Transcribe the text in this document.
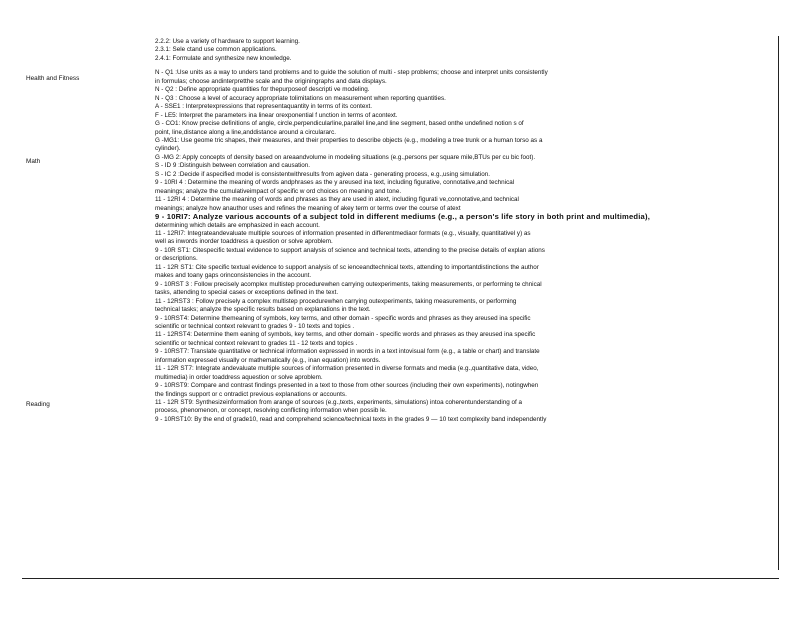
Health and Fitness
Math
Reading
2.2.2: Use a variety of hardware to support learning.
2.3.1: Sele ctand use common applications.
2.4.1: Formulate and synthesize new knowledge.
N - Q1 :Use units as a way to unders tand problems and to guide the solution of multi - step problems; choose and interpret units consistently
in formulas; choose andinterpretthe scale and the originingraphs and data displays.
N - Q2 : Define appropriate quantities for thepurposeof descripti ve modeling.
N - Q3 : Choose a level of accuracy appropriate tolimitations on measurement when reporting quantities.
A - SSE1 : Interpretexpressions that representaquantity in terms of its context.
F - LE5: Interpret the parameters ina linear orexponential f unction in terms of acontext.
G - CO1: Know precise definitions of angle, circle,perpendicularline,parallel line,and line segment, based onthe undefined notion s of
point, line,distance along a line,anddistance around a circulararc.
G -MG1: Use geome tric shapes, their measures, and their properties to describe objects (e.g., modeling a tree trunk or a human torso as a
cylinder).
G -MG 2: Apply concepts of density based on areaandvolume in modeling situations (e.g.,persons per square mile,BTUs per cu bic foot).
S - ID 9 :Distinguish between correlation and causation.
S - IC 2 :Decide if aspecified model is consistentwithresults from agiven data - generating process, e.g.,using simulation.
9 - 10RI 4 : Determine the meaning of words andphrases as the y areused ina text, including figurative, connotative,and technical
meanings; analyze the cumulativeimpact of specific w ord choices on meaning and tone.
11 - 12RI 4 : Determine the meaning of words and phrases as they are used in atext, including figurati ve,connotative,and technical
meanings; analyze how anauthor uses and refines the meaning of akey term or terms over the course of atext
9 - 10RI7: Analyze various accounts of a subject told in different mediums (e.g., a person's life story in both print and multimedia),
determining which details are emphasized in each account.
11 - 12RI7: Integrateandevaluate multiple sources of information presented in differentmediaor formats (e.g., visually, quantitativel y) as
well as inwords inorder toaddress a question or solve aproblem.
9 - 10R ST1: Citespecific textual evidence to support analysis of science and technical texts, attending to the precise details of explan ations
or descriptions.
11 - 12R ST1: Cite specific textual evidence to support analysis of sc ienceandtechnical texts, attending to importantdistinctions the author
makes and toany gaps orinconsistencies in the account.
9 - 10RST 3 : Follow precisely acomplex multistep procedurewhen carrying outexperiments, taking measurements, or performing te chnical
tasks, attending to special cases or exceptions defined in the text.
11 - 12RST3 : Follow precisely a complex multistep procedurewhen carrying outexperiments, taking measurements, or performing
technical tasks; analyze the specific results based on explanations in the text.
9 - 10RST4: Determine themeaning of symbols, key terms, and other domain - specific words and phrases as they areused ina specific
scientific or technical context relevant to grades 9 - 10 texts and topics .
11 - 12RST4: Determine them eaning of symbols, key terms, and other domain - specific words and phrases as they areused ina specific
scientific or technical context relevant to grades 11 - 12 texts and topics .
9 - 10RST7: Translate quantitative or technical information expressed in words in a text intovisual form (e.g., a table or chart) and translate
information expressed visually or mathematically (e.g., inan equation) into words.
11 - 12R ST7: Integrate andevaluate multiple sources of information presented in diverse formats and media (e.g.,quantitative data, video,
multimedia) in order toaddress aquestion or solve aproblem.
9 - 10RST9: Compare and contrast findings presented in a text to those from other sources (including their own experiments), notingwhen
the findings support or c ontradict previous explanations or accounts.
11 - 12R ST9: Synthesizeinformation from arange of sources (e.g.,texts, experiments, simulations) intoa coherentunderstanding of a
process, phenomenon, or concept, resolving conflicting information when possib le.
9 - 10RST10: By the end of grade10, read and comprehend science/technical texts in the grades 9 — 10 text complexity band independently
